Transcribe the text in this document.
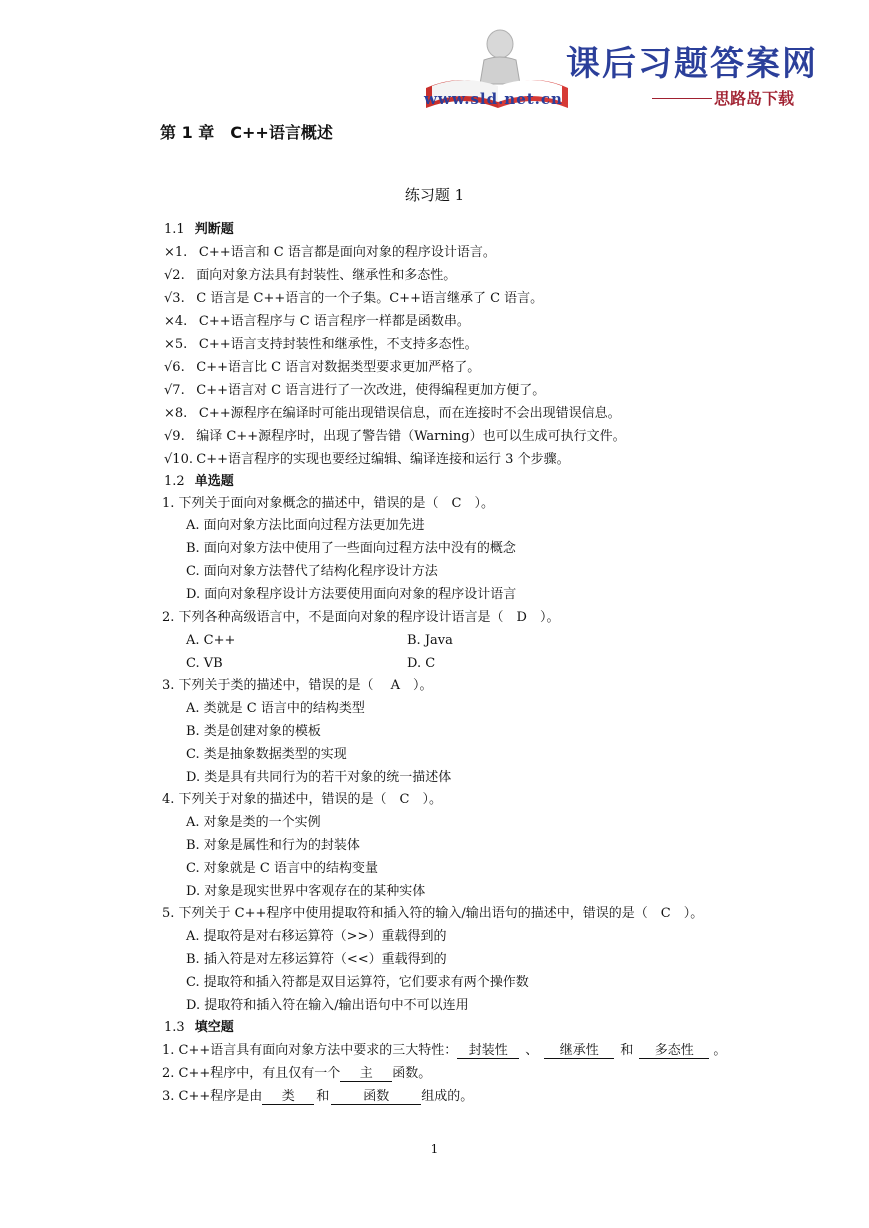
课后习题答案网
www.sld.net.cn	思路岛下载
第 1 章　C++语言概述
练习题 1
1.1 判断题
×1. C++语言和 C 语言都是面向对象的程序设计语言。
√2. 面向对象方法具有封装性、继承性和多态性。
√3. C 语言是 C++语言的一个子集。C++语言继承了 C 语言。
×4. C++语言程序与 C 语言程序一样都是函数串。
×5. C++语言支持封装性和继承性，不支持多态性。
√6. C++语言比 C 语言对数据类型要求更加严格了。
√7. C++语言对 C 语言进行了一次改进，使得编程更加方便了。
×8. C++源程序在编译时可能出现错误信息，而在连接时不会出现错误信息。
√9. 编译 C++源程序时，出现了警告错（Warning）也可以生成可执行文件。
√10. C++语言程序的实现也要经过编辑、编译连接和运行 3 个步骤。
1.2 单选题
1. 下列关于面向对象概念的描述中，错误的是（　C　）。
A. 面向对象方法比面向过程方法更加先进
B. 面向对象方法中使用了一些面向过程方法中没有的概念
C. 面向对象方法替代了结构化程序设计方法
D. 面向对象程序设计方法要使用面向对象的程序设计语言
2. 下列各种高级语言中，不是面向对象的程序设计语言是（　D　）。
A. C++	B. Java
C. VB	D. C
3. 下列关于类的描述中，错误的是（　 A　）。
A. 类就是 C 语言中的结构类型
B. 类是创建对象的模板
C. 类是抽象数据类型的实现
D. 类是具有共同行为的若干对象的统一描述体
4. 下列关于对象的描述中，错误的是（　C　）。
A. 对象是类的一个实例
B. 对象是属性和行为的封装体
C. 对象就是 C 语言中的结构变量
D. 对象是现实世界中客观存在的某种实体
5. 下列关于 C++程序中使用提取符和插入符的输入/输出语句的描述中，错误的是（　C　）。
A. 提取符是对右移运算符（>>）重载得到的
B. 插入符是对左移运算符（<<）重载得到的
C. 提取符和插入符都是双目运算符，它们要求有两个操作数
D. 提取符和插入符在输入/输出语句中不可以连用
1.3 填空题
1. C++语言具有面向对象方法中要求的三大特性： 封装性 、 继承性 和 多态性 。
2. C++程序中，有且仅有一个 主 函数。
3. C++程序是由 类 和	函数 组成的。
1
